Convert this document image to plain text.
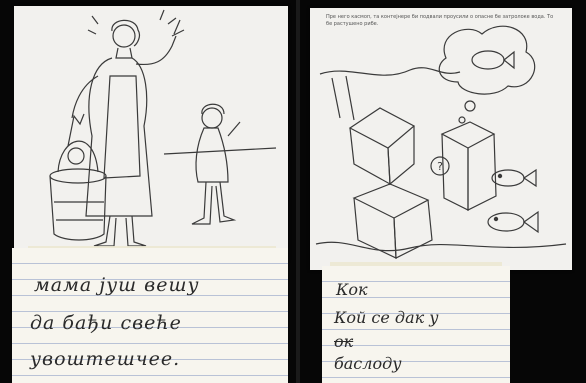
мама јуш вешу

да бађи свеће

увоштешчее.

Пре него касмоп, та контејнере би подвали проусили о опасне бе затролоке вода. То бе растушено рибе.

?

Кок

Кой се дак у

ок

баслоду
